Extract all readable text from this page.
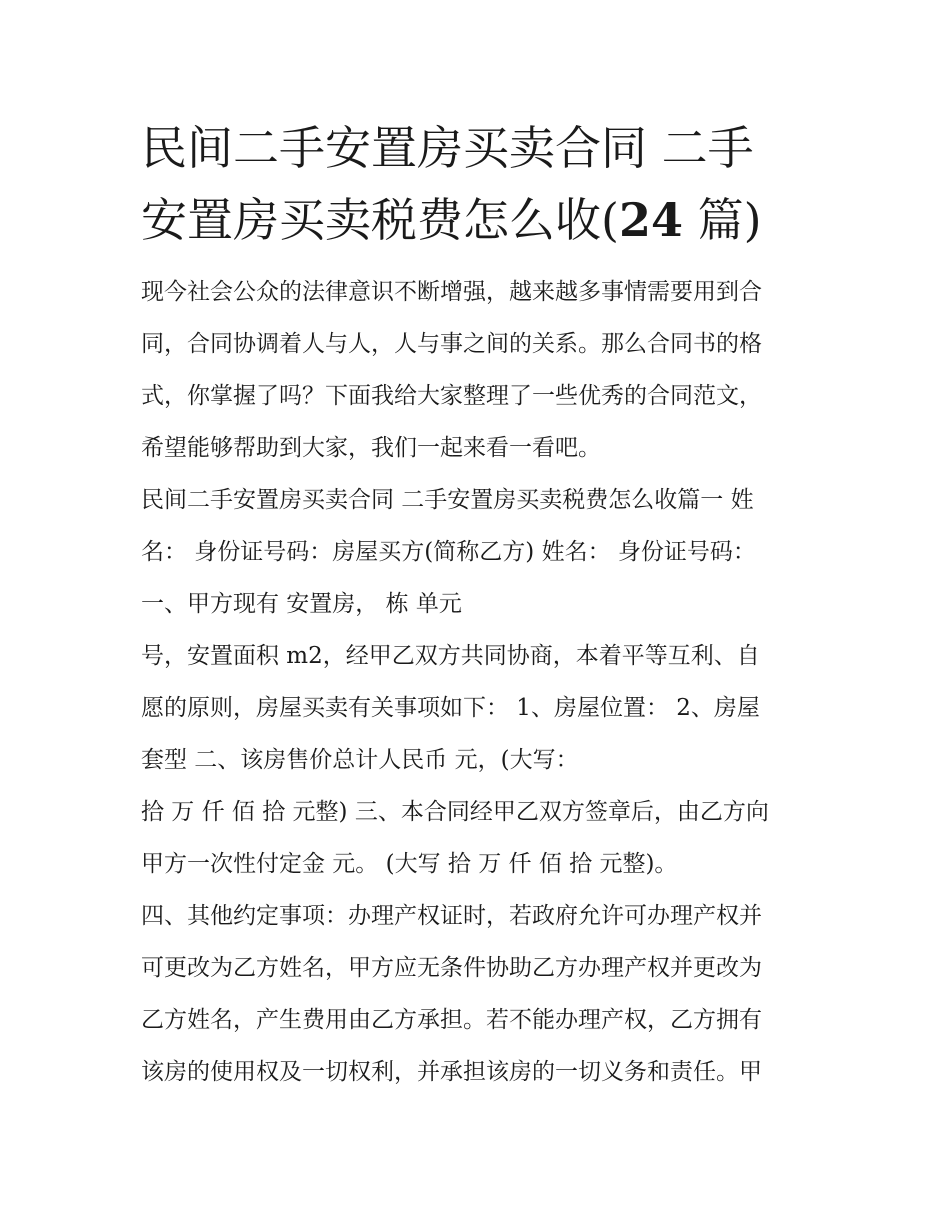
民间二手安置房买卖合同 二手
安置房买卖税费怎么收(24 篇)
现今社会公众的法律意识不断增强，越来越多事情需要用到合
同，合同协调着人与人，人与事之间的关系。那么合同书的格
式，你掌握了吗？下面我给大家整理了一些优秀的合同范文，
希望能够帮助到大家，我们一起来看一看吧。
民间二手安置房买卖合同 二手安置房买卖税费怎么收篇一 姓
名： 身份证号码：房屋买方(简称乙方) 姓名： 身份证号码：
一、甲方现有 安置房， 栋 单元
号，安置面积 m2，经甲乙双方共同协商，本着平等互利、自
愿的原则，房屋买卖有关事项如下： 1、房屋位置： 2、房屋
套型 二、该房售价总计人民币 元，(大写：
拾 万 仟 佰 拾 元整) 三、本合同经甲乙双方签章后，由乙方向
甲方一次性付定金 元。 (大写 拾 万 仟 佰 拾 元整)。
四、其他约定事项：办理产权证时，若政府允许可办理产权并
可更改为乙方姓名，甲方应无条件协助乙方办理产权并更改为
乙方姓名，产生费用由乙方承担。若不能办理产权，乙方拥有
该房的使用权及一切权利，并承担该房的一切义务和责任。甲
